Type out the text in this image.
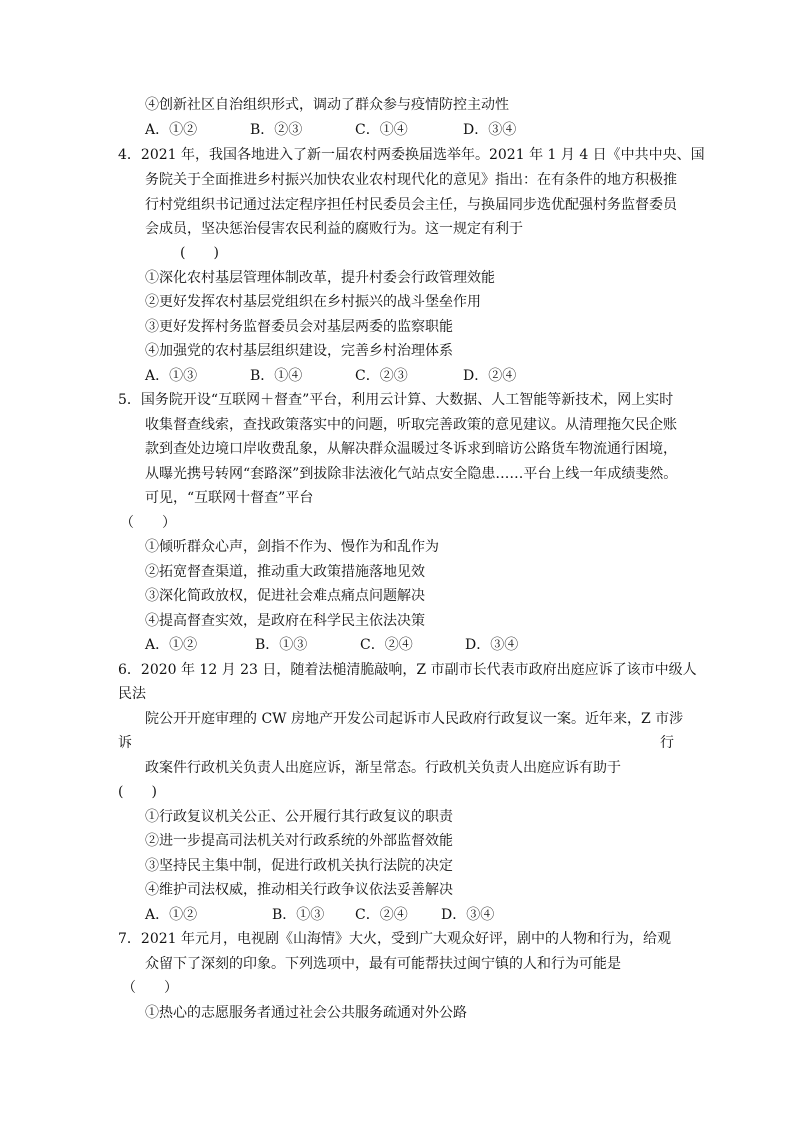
④创新社区自治组织形式，调动了群众参与疫情防控主动性
A．①②	B．②③	C．①④	D．③④
4．2021 年，我国各地进入了新一届农村两委换届选举年。2021 年 1 月 4 日《中共中央、国
务院关于全面推进乡村振兴加快农业农村现代化的意见》指出：在有条件的地方积极推
行村党组织书记通过法定程序担任村民委员会主任，与换届同步选优配强村务监督委员
会成员，坚决惩治侵害农民利益的腐败行为。这一规定有利于
(　　)
①深化农村基层管理体制改革，提升村委会行政管理效能
②更好发挥农村基层党组织在乡村振兴的战斗堡垒作用
③更好发挥村务监督委员会对基层两委的监察职能
④加强党的农村基层组织建设，完善乡村治理体系
A．①③	B．①④	C．②③	D．②④
5．国务院开设“互联网＋督查”平台，利用云计算、大数据、人工智能等新技术，网上实时
收集督查线索，查找政策落实中的问题，听取完善政策的意见建议。从清理拖欠民企账
款到查处边境口岸收费乱象，从解决群众温暖过冬诉求到暗访公路货车物流通行困境，
从曝光携号转网“套路深”到拔除非法液化气站点安全隐患……平台上线一年成绩斐然。
可见，“互联网十督查”平台
（　　）
①倾听群众心声，剑指不作为、慢作为和乱作为
②拓宽督查渠道，推动重大政策措施落地见效
③深化简政放权，促进社会难点痛点问题解决
④提高督查实效，是政府在科学民主依法决策
A．①②	B．①③	C．②④	D．③④
6．2020 年 12 月 23 日，随着法槌清脆敲响，Z 市副市长代表市政府出庭应诉了该市中级人
民法
院公开开庭审理的 CW 房地产开发公司起诉市人民政府行政复议一案。近年来，Z 市涉
诉	行
政案件行政机关负责人出庭应诉，渐呈常态。行政机关负责人出庭应诉有助于
(　　)
①行政复议机关公正、公开履行其行政复议的职责
②进一步提高司法机关对行政系统的外部监督效能
③坚持民主集中制，促进行政机关执行法院的决定
④维护司法权威，推动相关行政争议依法妥善解决
A．①②	B．①③ C．②④ D．③④
7．2021 年元月，电视剧《山海情》大火，受到广大观众好评，剧中的人物和行为，给观
众留下了深刻的印象。下列选项中，最有可能帮扶过闽宁镇的人和行为可能是
（　　）
①热心的志愿服务者通过社会公共服务疏通对外公路
